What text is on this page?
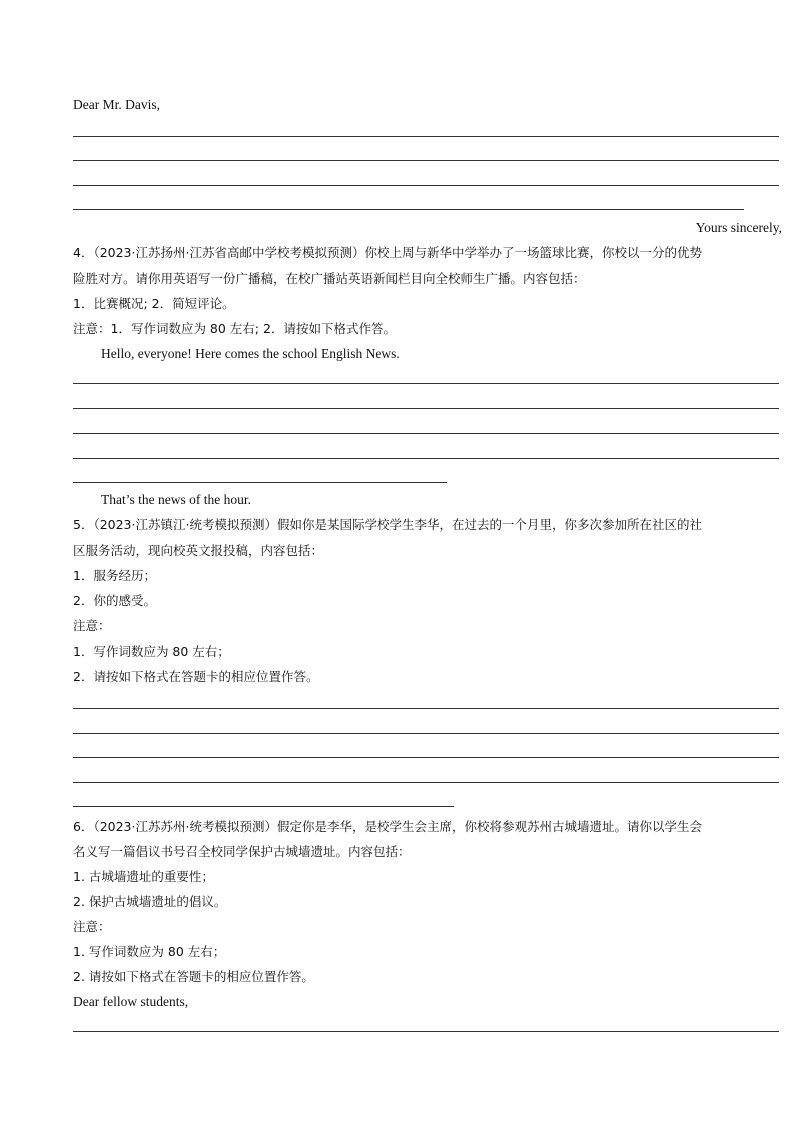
Dear Mr. Davis,
Yours sincerely,
4．（2023·江苏扬州·江苏省高邮中学校考模拟预测）你校上周与新华中学举办了一场篮球比赛，你校以一分的优势
险胜对方。请你用英语写一份广播稿，在校广播站英语新闻栏目向全校师生广播。内容包括：
1．比赛概况; 2．简短评论。
注意：1．写作词数应为 80 左右; 2．请按如下格式作答。
Hello, everyone! Here comes the school English News.
That’s the news of the hour.
5．（2023·江苏镇江·统考模拟预测）假如你是某国际学校学生李华，在过去的一个月里，你多次参加所在社区的社
区服务活动，现向校英文报投稿，内容包括：
1．服务经历；
2．你的感受。
注意：
1．写作词数应为 80 左右；
2．请按如下格式在答题卡的相应位置作答。
6．（2023·江苏苏州·统考模拟预测）假定你是李华，是校学生会主席，你校将参观苏州古城墙遗址。请你以学生会
名义写一篇倡议书号召全校同学保护古城墙遗址。内容包括：
1. 古城墙遗址的重要性；
2. 保护古城墙遗址的倡议。
注意：
1. 写作词数应为 80 左右；
2. 请按如下格式在答题卡的相应位置作答。
Dear fellow students,
